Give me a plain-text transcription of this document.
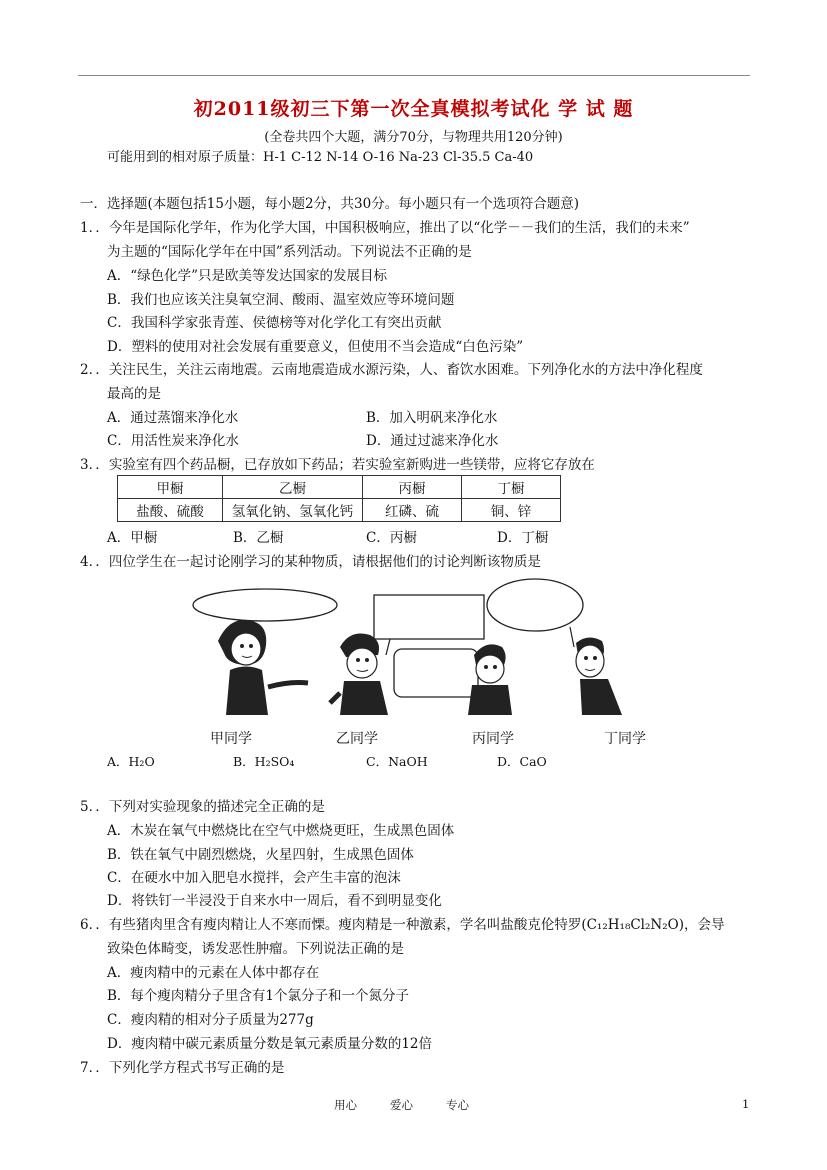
初2011级初三下第一次全真模拟考试化 学 试 题
(全卷共四个大题，满分70分，与物理共用120分钟)
可能用到的相对原子质量：H-1 C-12 N-14 O-16 Na-23 Cl-35.5 Ca-40
一．选择题(本题包括15小题，每小题2分，共30分。每小题只有一个选项符合题意)
1．．今年是国际化学年，作为化学大国，中国积极响应，推出了以“化学－－我们的生活，我们的未来”
为主题的“国际化学年在中国”系列活动。下列说法不正确的是
A．“绿色化学”只是欧美等发达国家的发展目标
B．我们也应该关注臭氧空洞、酸雨、温室效应等环境问题
C．我国科学家张青莲、侯德榜等对化学化工有突出贡献
D．塑料的使用对社会发展有重要意义，但使用不当会造成“白色污染”
2．．关注民生，关注云南地震。云南地震造成水源污染，人、畜饮水困难。下列净化水的方法中净化程度
最高的是
A．通过蒸馏来净化水	B．加入明矾来净化水
C．用活性炭来净化水	D．通过过滤来净化水
3．．实验室有四个药品橱，已存放如下药品；若实验室新购进一些镁带，应将它存放在
甲橱	乙橱	丙橱	丁橱
盐酸、硫酸	氢氧化钠、氢氧化钙	红磷、硫	铜、锌
A．甲橱	B．乙橱	C．丙橱	D．丁橱
4．．四位学生在一起讨论刚学习的某种物质，请根据他们的讨论判断该物质是
甲同学	乙同学	丙同学	丁同学
A．H₂O	B．H₂SO₄	C．NaOH	D．CaO
5．．下列对实验现象的描述完全正确的是
A．木炭在氧气中燃烧比在空气中燃烧更旺，生成黑色固体
B．铁在氧气中剧烈燃烧，火星四射，生成黑色固体
C．在硬水中加入肥皂水搅拌，会产生丰富的泡沫
D．将铁钉一半浸没于自来水中一周后，看不到明显变化
6．．有些猪肉里含有瘦肉精让人不寒而慄。瘦肉精是一种激素，学名叫盐酸克伦特罗(C₁₂H₁₈Cl₂N₂O)，会导
致染色体畸变，诱发恶性肿瘤。下列说法正确的是
A．瘦肉精中的元素在人体中都存在
B．每个瘦肉精分子里含有1个氯分子和一个氮分子
C．瘦肉精的相对分子质量为277g
D．瘦肉精中碳元素质量分数是氧元素质量分数的12倍
7．．下列化学方程式书写正确的是
用心	爱心	专心	1
